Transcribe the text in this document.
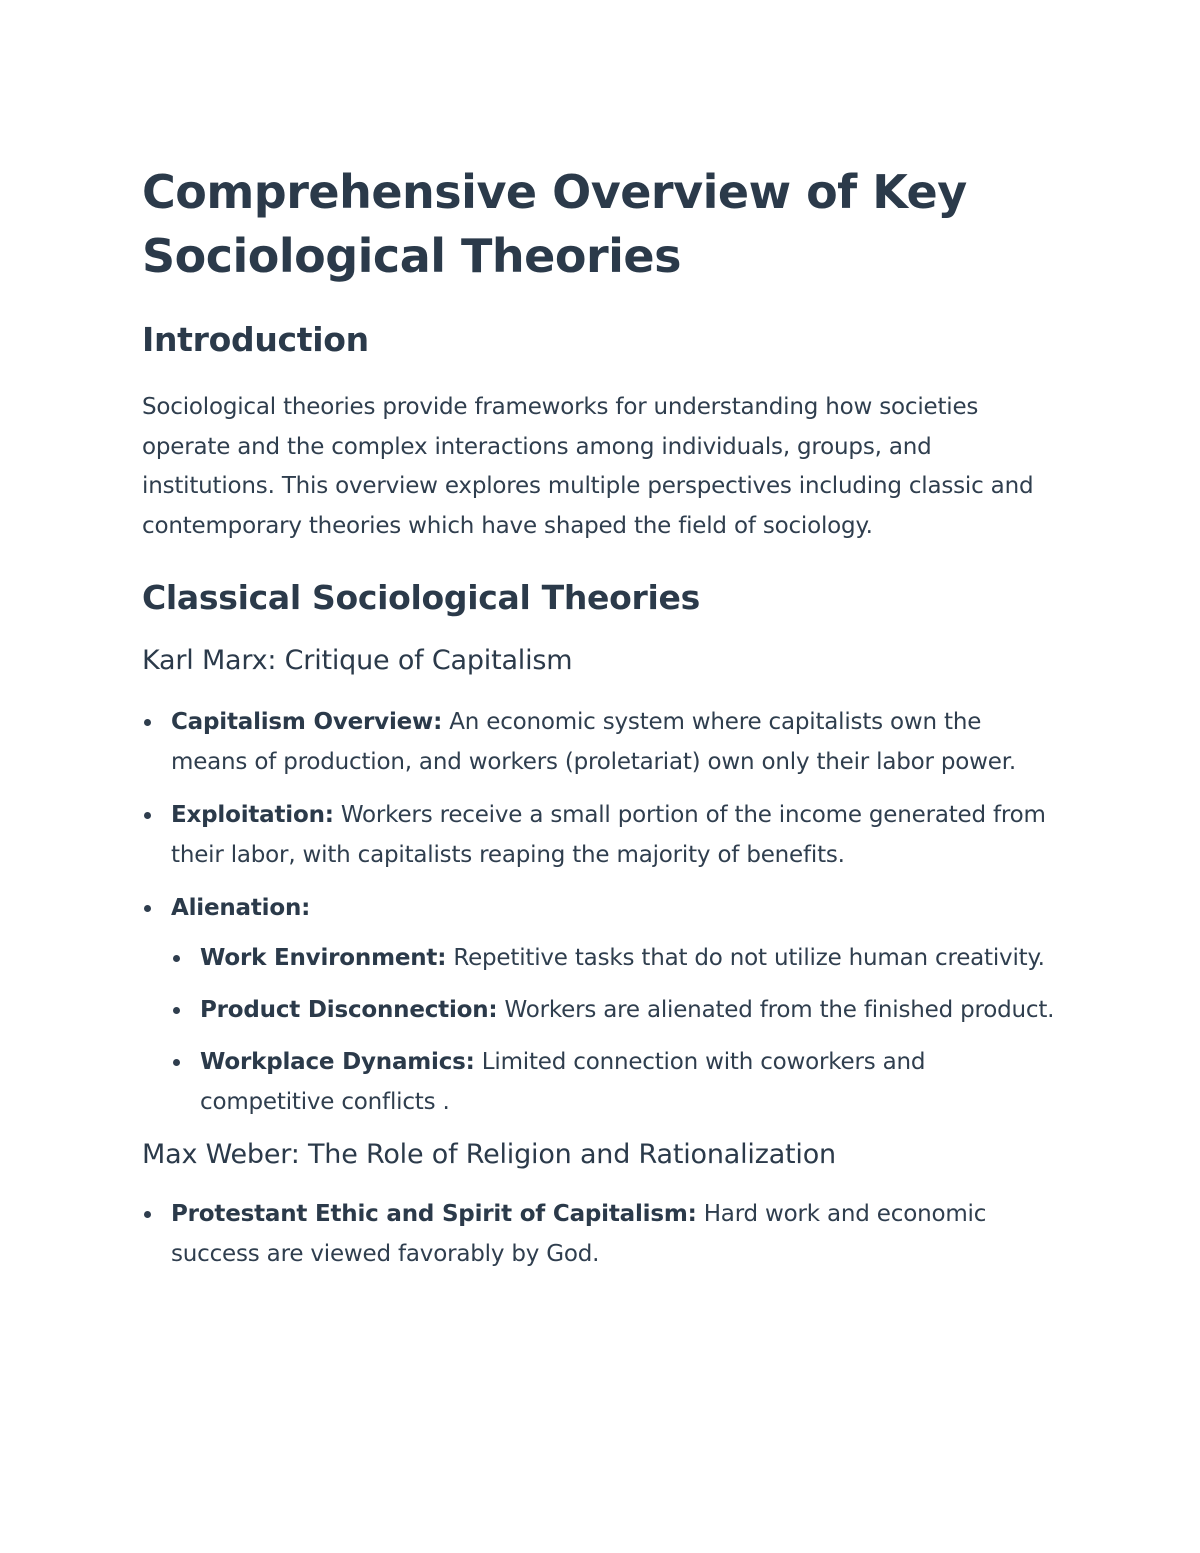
Comprehensive Overview of Key Sociological Theories
Introduction

Sociological theories provide frameworks for understanding how societies operate and the complex interactions among individuals, groups, and institutions. This overview explores multiple perspectives including classic and contemporary theories which have shaped the field of sociology.

Classical Sociological Theories
Karl Marx: Critique of Capitalism
Capitalism Overview: An economic system where capitalists own the means of production, and workers (proletariat) own only their labor power.
Exploitation: Workers receive a small portion of the income generated from their labor, with capitalists reaping the majority of benefits.
Alienation:
Work Environment: Repetitive tasks that do not utilize human creativity.
Product Disconnection: Workers are alienated from the finished product.
Workplace Dynamics: Limited connection with coworkers and competitive conflicts .
Max Weber: The Role of Religion and Rationalization
Protestant Ethic and Spirit of Capitalism: Hard work and economic success are viewed favorably by God.
